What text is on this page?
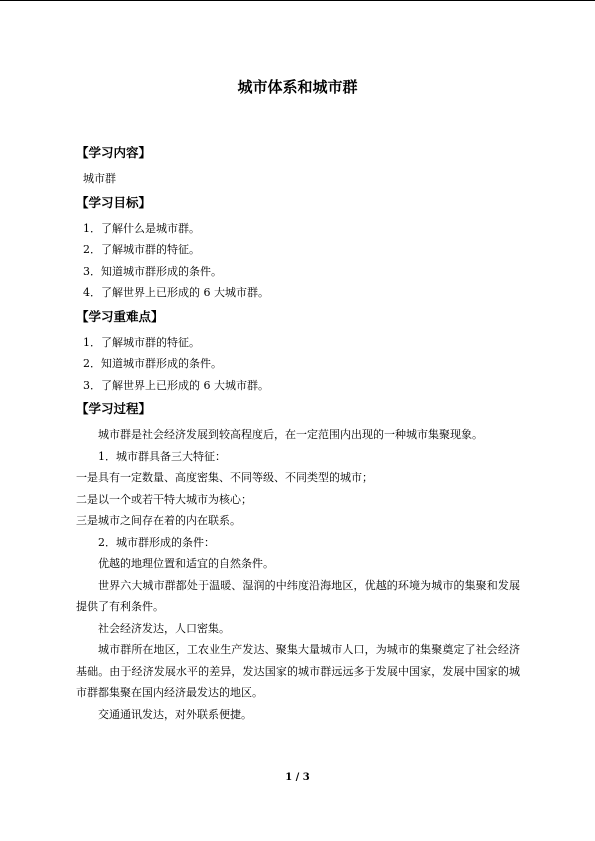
城市体系和城市群
【学习内容】
城市群
【学习目标】
1．了解什么是城市群。
2．了解城市群的特征。
3．知道城市群形成的条件。
4．了解世界上已形成的 6 大城市群。
【学习重难点】
1．了解城市群的特征。
2．知道城市群形成的条件。
3．了解世界上已形成的 6 大城市群。
【学习过程】
城市群是社会经济发展到较高程度后，在一定范围内出现的一种城市集聚现象。
1．城市群具备三大特征：
一是具有一定数量、高度密集、不同等级、不同类型的城市；
二是以一个或若干特大城市为核心；
三是城市之间存在着的内在联系。
2．城市群形成的条件：
优越的地理位置和适宜的自然条件。
世界六大城市群都处于温暖、湿润的中纬度沿海地区，优越的环境为城市的集聚和发展提供了有利条件。
社会经济发达，人口密集。
城市群所在地区，工农业生产发达、聚集大量城市人口，为城市的集聚奠定了社会经济基础。由于经济发展水平的差异，发达国家的城市群远远多于发展中国家，发展中国家的城市群都集聚在国内经济最发达的地区。
交通通讯发达，对外联系便捷。
1 / 3
